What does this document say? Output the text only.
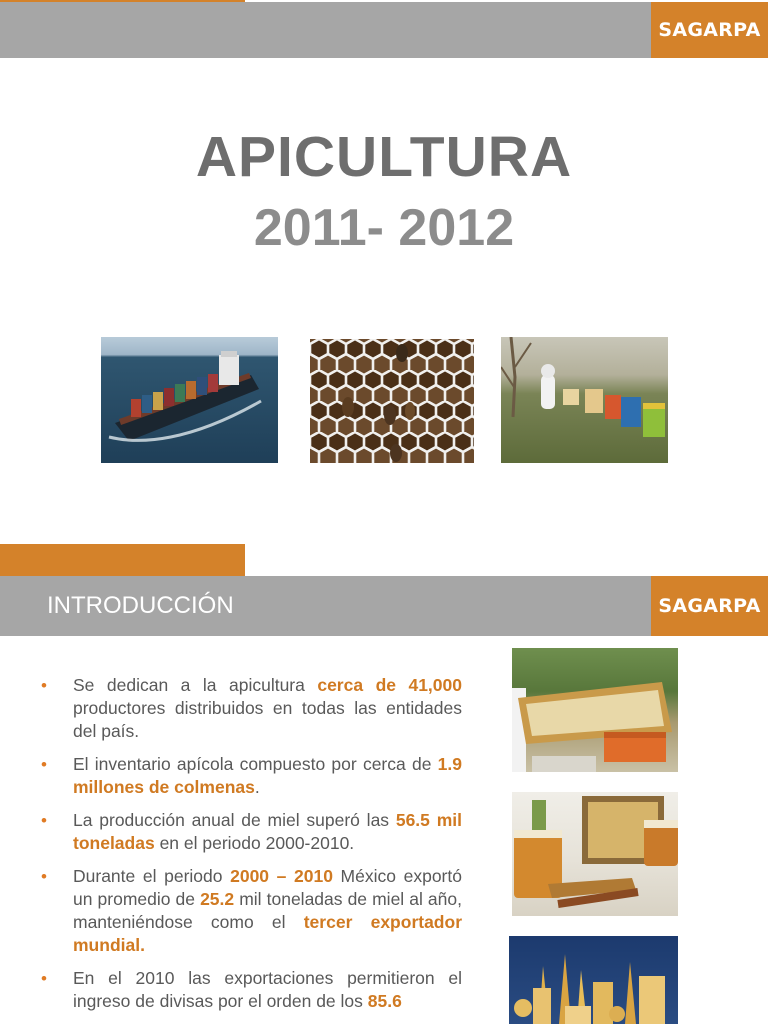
SAGARPA
APICULTURA
2011- 2012
Julio, 2011
INTRODUCCIÓN	SAGARPA
• Se dedican a la apicultura cerca de 41,000 productores distribuidos en todas las entidades del país.
• El inventario apícola compuesto por cerca de 1.9 millones de colmenas.
• La producción anual de miel superó las 56.5 mil toneladas en el periodo 2000-2010.
• Durante el periodo 2000 – 2010 México exportó un promedio de 25.2 mil toneladas de miel al año, manteniéndose como el tercer exportador mundial.
• En el 2010 las exportaciones permitieron el ingreso de divisas por el orden de los 85.6
